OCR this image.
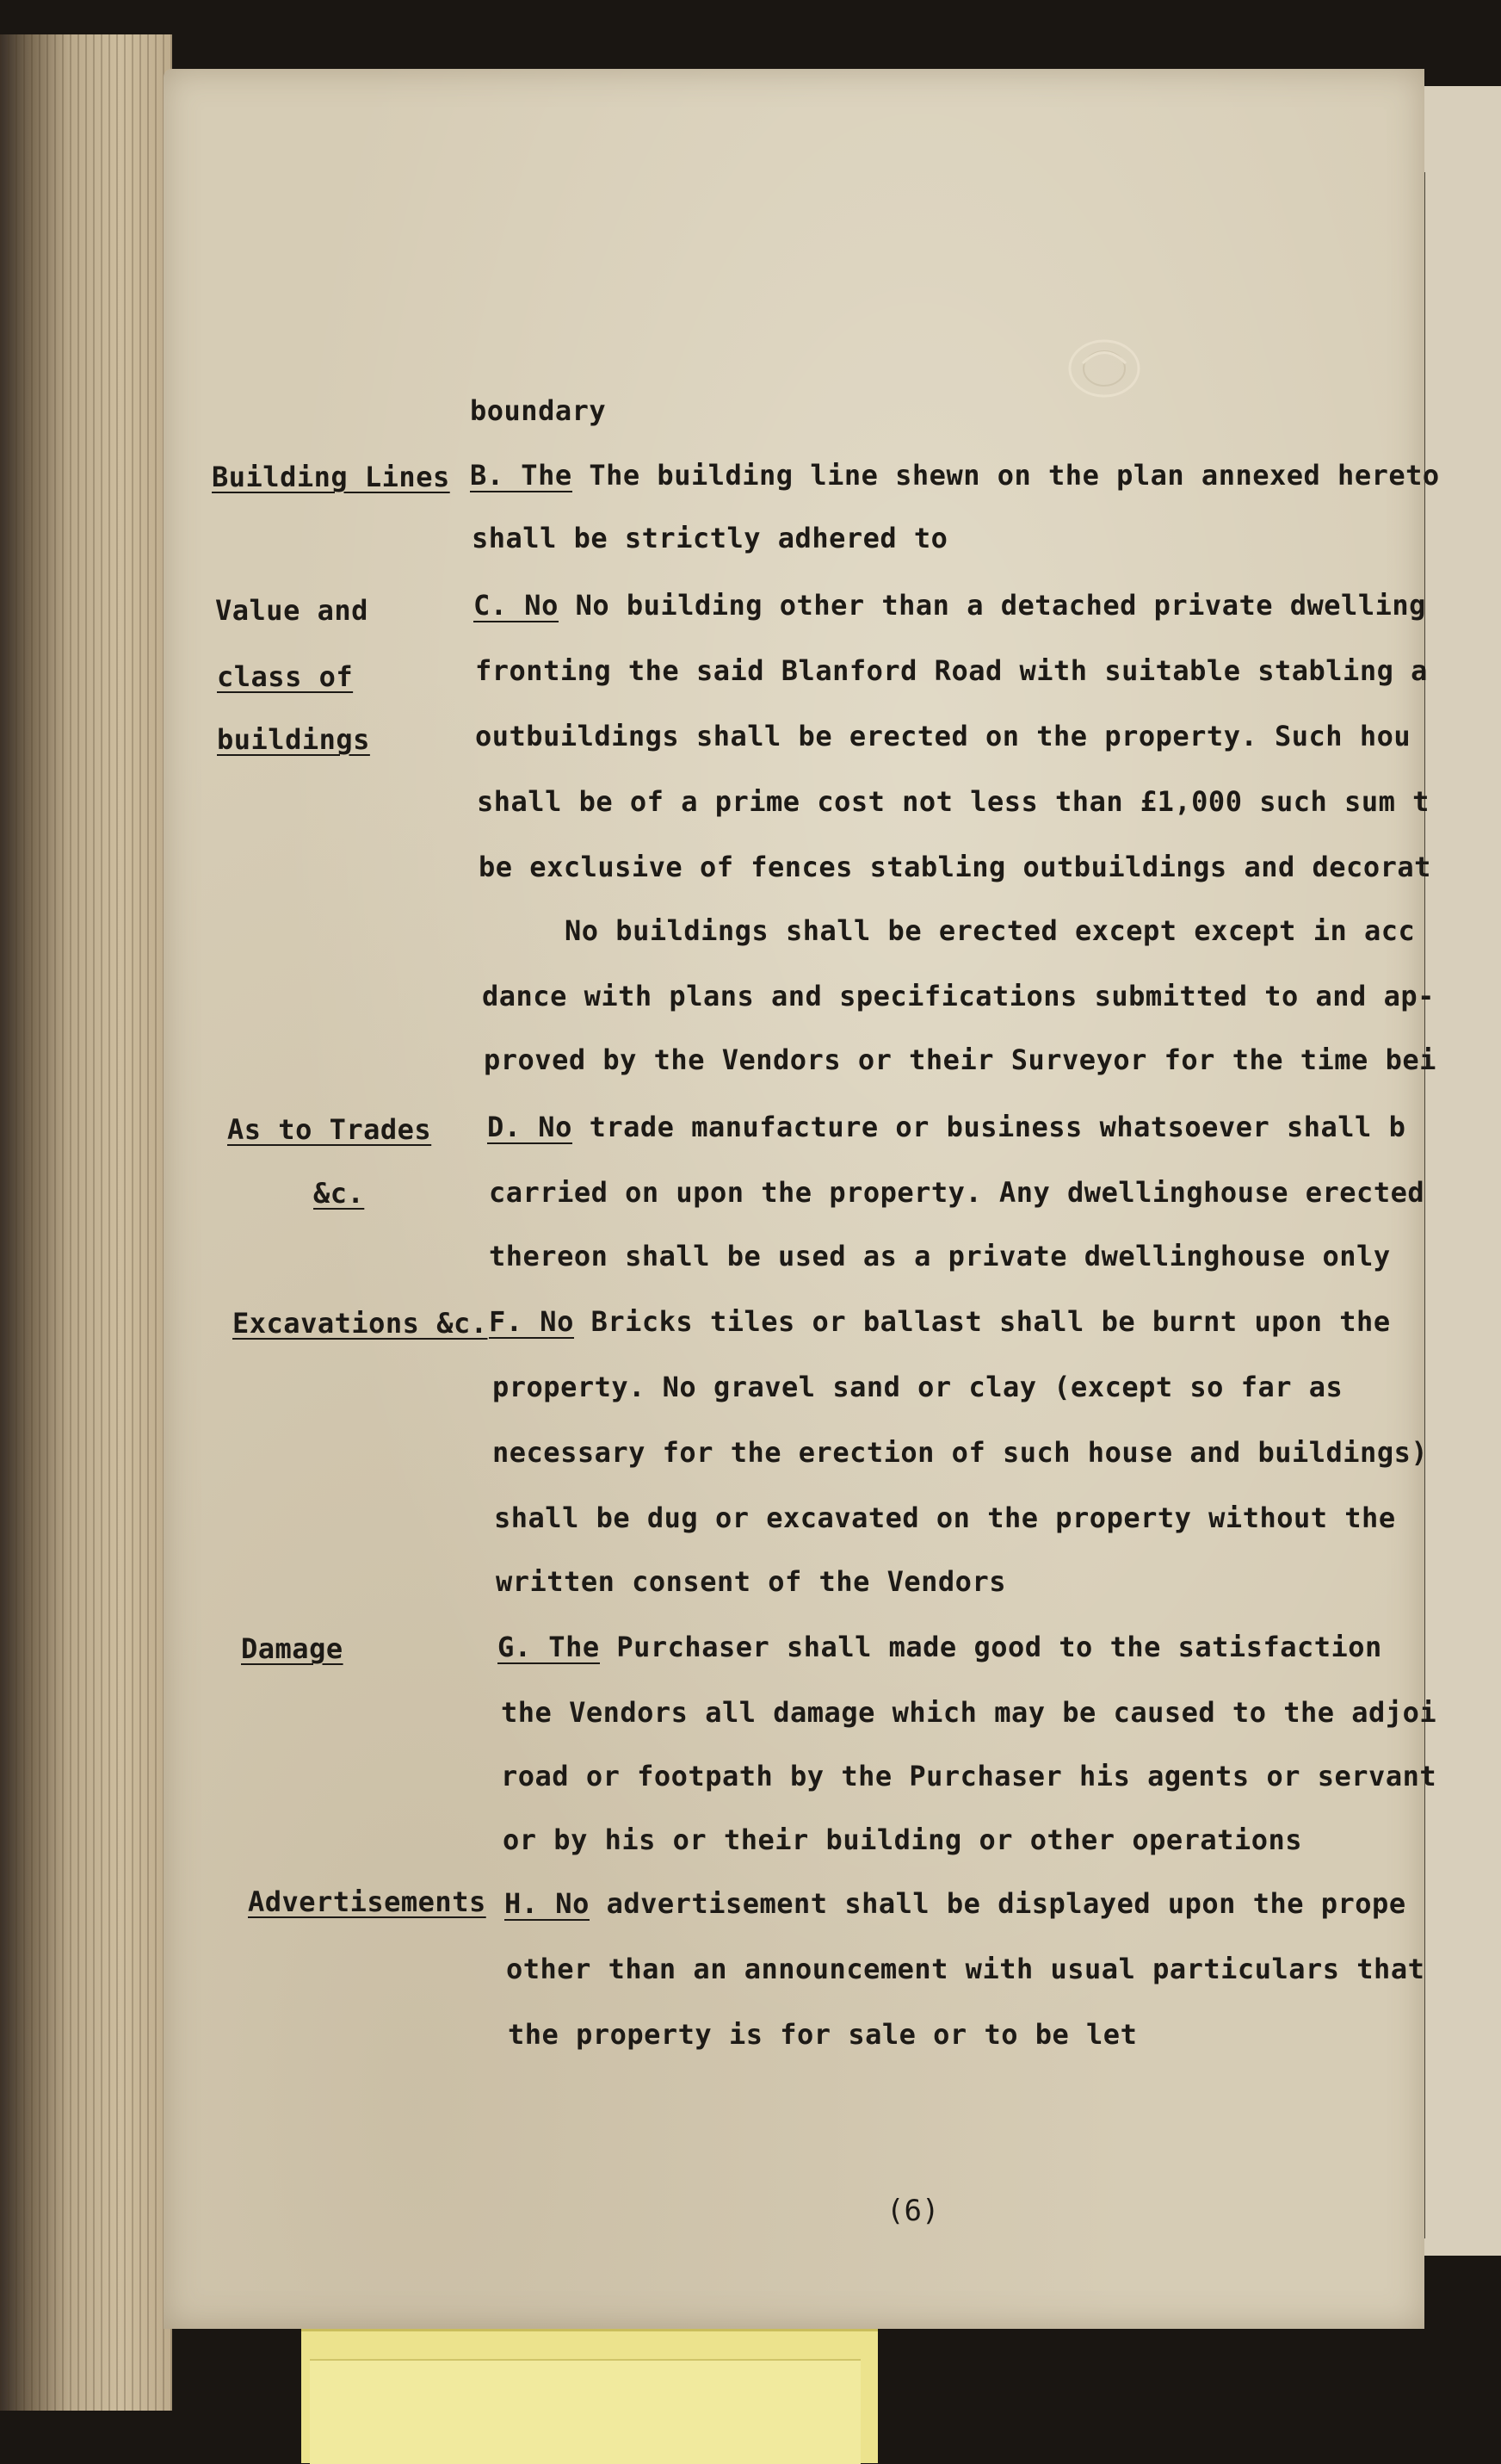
Building Lines
Value and
class of
buildings
As to Trades
&c.
Excavations &c.
Damage
Advertisements
boundary
B. The The building line shewn on the plan annexed hereto
shall be strictly adhered to
C. No No building other than a detached private dwelling
fronting the said Blanford Road with suitable stabling a
outbuildings shall be erected on the property. Such hou
shall be of a prime cost not less than £1,000 such sum t
be exclusive of fences stabling outbuildings and decorat
No buildings shall be erected except except in acc
dance with plans and specifications submitted to and ap-
proved by the Vendors or their Surveyor for the time bei
D. No trade manufacture or business whatsoever shall b
carried on upon the property. Any dwellinghouse erected
thereon shall be used as a private dwellinghouse only
F. No Bricks tiles or ballast shall be burnt upon the
property. No gravel sand or clay (except so far as
necessary for the erection of such house and buildings)
shall be dug or excavated on the property without the
written consent of the Vendors
G. The Purchaser shall made good to the satisfaction
the Vendors all damage which may be caused to the adjoi
road or footpath by the Purchaser his agents or servant
or by his or their building or other operations
H. No advertisement shall be displayed upon the prope
other than an announcement with usual particulars that
the property is for sale or to be let
(6)
